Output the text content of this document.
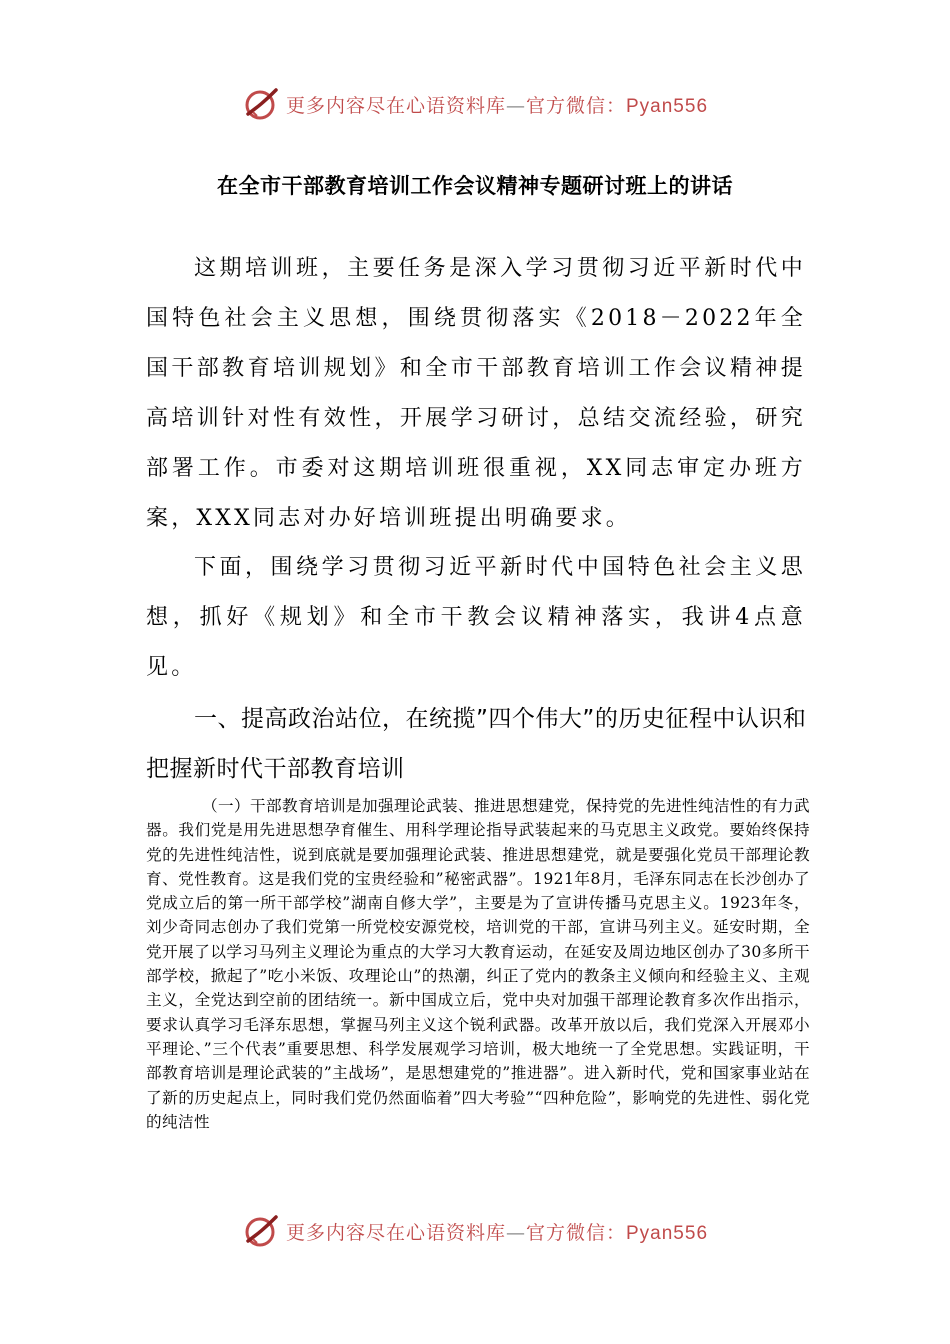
更多内容尽在心语资料库—官方微信：Pyan556
在全市干部教育培训工作会议精神专题研讨班上的讲话

这期培训班，主要任务是深入学习贯彻习近平新时代中国特色社会主义思想，围绕贯彻落实《2018－2022年全国干部教育培训规划》和全市干部教育培训工作会议精神提高培训针对性有效性，开展学习研讨，总结交流经验，研究部署工作。市委对这期培训班很重视，XX同志审定办班方案，XXX同志对办好培训班提出明确要求。

下面，围绕学习贯彻习近平新时代中国特色社会主义思想，抓好《规划》和全市干教会议精神落实，我讲4点意见。

一、提高政治站位，在统揽”四个伟大”的历史征程中认识和把握新时代干部教育培训

（一）干部教育培训是加强理论武装、推进思想建党，保持党的先进性纯洁性的有力武器。我们党是用先进思想孕育催生、用科学理论指导武装起来的马克思主义政党。要始终保持党的先进性纯洁性，说到底就是要加强理论武装、推进思想建党，就是要强化党员干部理论教育、党性教育。这是我们党的宝贵经验和”秘密武器”。1921年8月，毛泽东同志在长沙创办了党成立后的第一所干部学校”湖南自修大学”，主要是为了宣讲传播马克思主义。1923年冬，刘少奇同志创办了我们党第一所党校安源党校，培训党的干部，宣讲马列主义。延安时期，全党开展了以学习马列主义理论为重点的大学习大教育运动，在延安及周边地区创办了30多所干部学校，掀起了”吃小米饭、攻理论山”的热潮，纠正了党内的教条主义倾向和经验主义、主观主义，全党达到空前的团结统一。新中国成立后，党中央对加强干部理论教育多次作出指示，要求认真学习毛泽东思想，掌握马列主义这个锐利武器。改革开放以后，我们党深入开展邓小平理论、”三个代表”重要思想、科学发展观学习培训，极大地统一了全党思想。实践证明，干部教育培训是理论武装的”主战场”，是思想建党的”推进器”。进入新时代，党和国家事业站在了新的历史起点上，同时我们党仍然面临着”四大考验”“四种危险”，影响党的先进性、弱化党的纯洁性

更多内容尽在心语资料库—官方微信：Pyan556
